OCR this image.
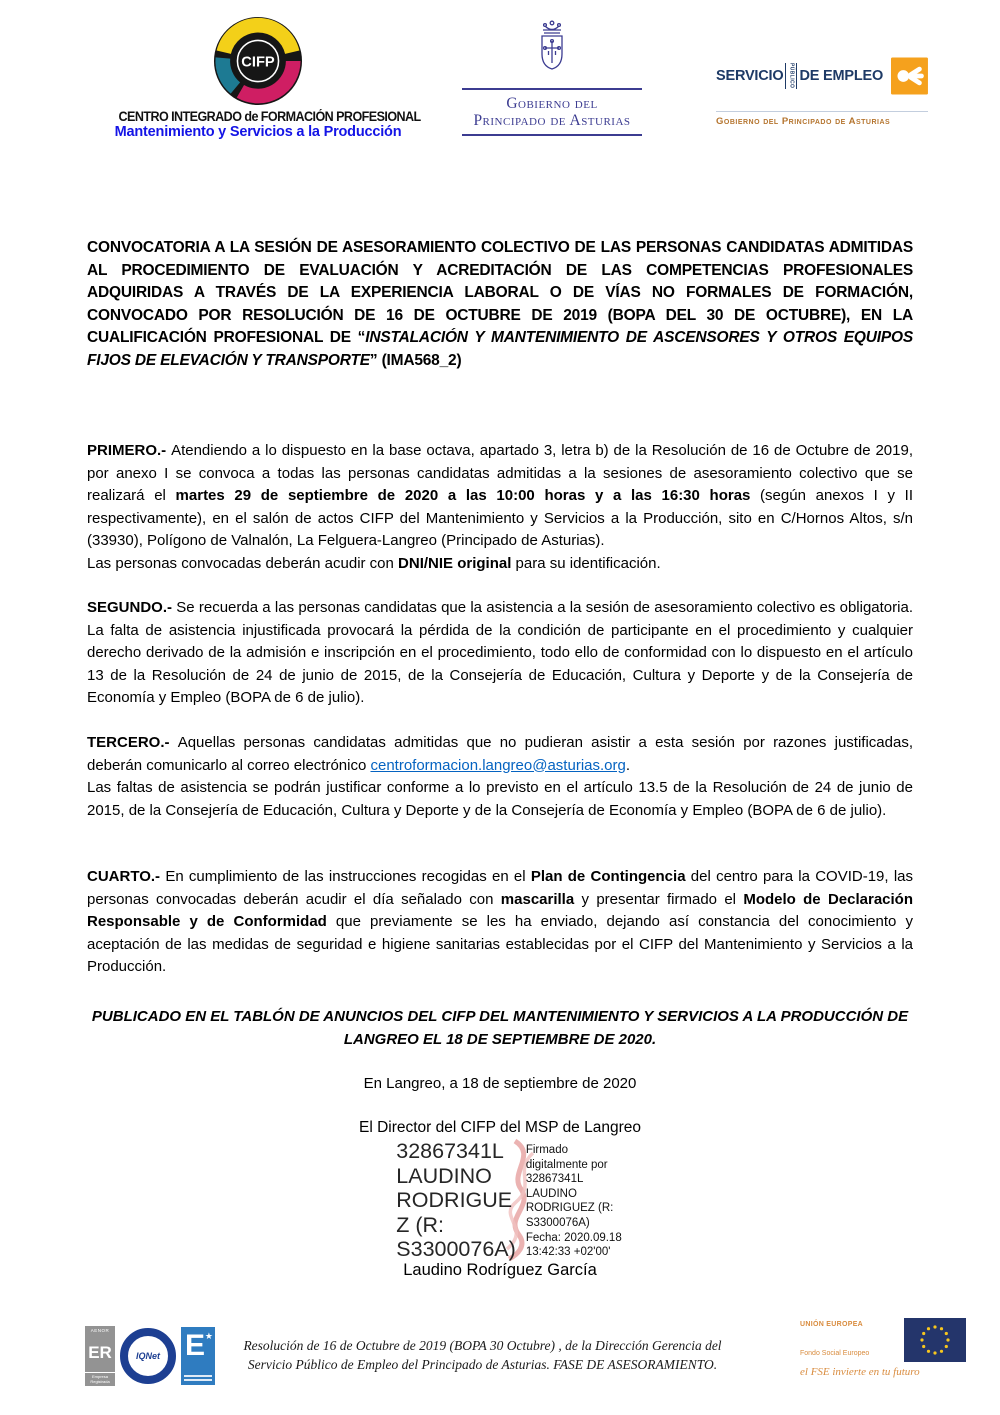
CIFP
CENTRO INTEGRADO de FORMACIÓN PROFESIONAL
Mantenimiento y Servicios a la Producción
Gobierno del
Principado de Asturias
SERVICIO	PÚBLICO DE EMPLEO
Gobierno del Principado de Asturias

CONVOCATORIA A LA SESIÓN DE ASESORAMIENTO COLECTIVO DE LAS PERSONAS CANDIDATAS ADMITIDAS AL PROCEDIMIENTO DE EVALUACIÓN Y ACREDITACIÓN DE LAS COMPETENCIAS PROFESIONALES ADQUIRIDAS A TRAVÉS DE LA EXPERIENCIA LABORAL O DE VÍAS NO FORMALES DE FORMACIÓN, CONVOCADO POR RESOLUCIÓN DE 16 DE OCTUBRE DE 2019 (BOPA DEL 30 DE OCTUBRE), EN LA CUALIFICACIÓN PROFESIONAL DE “INSTALACIÓN Y MANTENIMIENTO DE ASCENSORES Y OTROS EQUIPOS FIJOS DE ELEVACIÓN Y TRANSPORTE” (IMA568_2)

PRIMERO.- Atendiendo a lo dispuesto en la base octava, apartado 3, letra b) de la Resolución de 16 de Octubre de 2019, por anexo I se convoca a todas las personas candidatas admitidas a la sesiones de asesoramiento colectivo que se realizará el martes 29 de septiembre de 2020 a las 10:00 horas y a las 16:30 horas (según anexos I y II respectivamente), en el salón de actos CIFP del Mantenimiento y Servicios a la Producción, sito en C/Hornos Altos, s/n (33930), Polígono de Valnalón, La Felguera-Langreo (Principado de Asturias).

Las personas convocadas deberán acudir con DNI/NIE original para su identificación.

SEGUNDO.- Se recuerda a las personas candidatas que la asistencia a la sesión de asesoramiento colectivo es obligatoria. La falta de asistencia injustificada provocará la pérdida de la condición de participante en el procedimiento y cualquier derecho derivado de la admisión e inscripción en el procedimiento, todo ello de conformidad con lo dispuesto en el artículo 13 de la Resolución de 24 de junio de 2015, de la Consejería de Educación, Cultura y Deporte y de la Consejería de Economía y Empleo (BOPA de 6 de julio).

TERCERO.- Aquellas personas candidatas admitidas que no pudieran asistir a esta sesión por razones justificadas, deberán comunicarlo al correo electrónico centroformacion.langreo@asturias.org.

Las faltas de asistencia se podrán justificar conforme a lo previsto en el artículo 13.5 de la Resolución de 24 de junio de 2015, de la Consejería de Educación, Cultura y Deporte y de la Consejería de Economía y Empleo (BOPA de 6 de julio).

CUARTO.- En cumplimiento de las instrucciones recogidas en el Plan de Contingencia del centro para la COVID-19, las personas convocadas deberán acudir el día señalado con mascarilla y presentar firmado el Modelo de Declaración Responsable y de Conformidad que previamente se les ha enviado, dejando así constancia del conocimiento y aceptación de las medidas de seguridad e higiene sanitarias establecidas por el CIFP del Mantenimiento y Servicios a la Producción.

PUBLICADO EN EL TABLÓN DE ANUNCIOS DEL CIFP DEL MANTENIMIENTO Y SERVICIOS A LA PRODUCCIÓN DE LANGREO EL 18 DE SEPTIEMBRE DE 2020.

En Langreo, a 18 de septiembre de 2020

El Director del CIFP del MSP de Langreo

32867341L
LAUDINO
RODRIGUE
Z (R:
S3300076A)
Firmado
digitalmente por
32867341L
LAUDINO
RODRIGUEZ (R:
S3300076A)
Fecha: 2020.09.18
13:42:33 +02'00'

Laudino Rodríguez García

AENOR
ER
Empresa Registrada
IQNet E ★
Resolución de 16 de Octubre de 2019 (BOPA 30 Octubre) , de la Dirección Gerencia del
Servicio Público de Empleo del Principado de Asturias. FASE DE ASESORAMIENTO.
UNIÓN EUROPEA
Fondo Social Europeo
el FSE invierte en tu futuro
